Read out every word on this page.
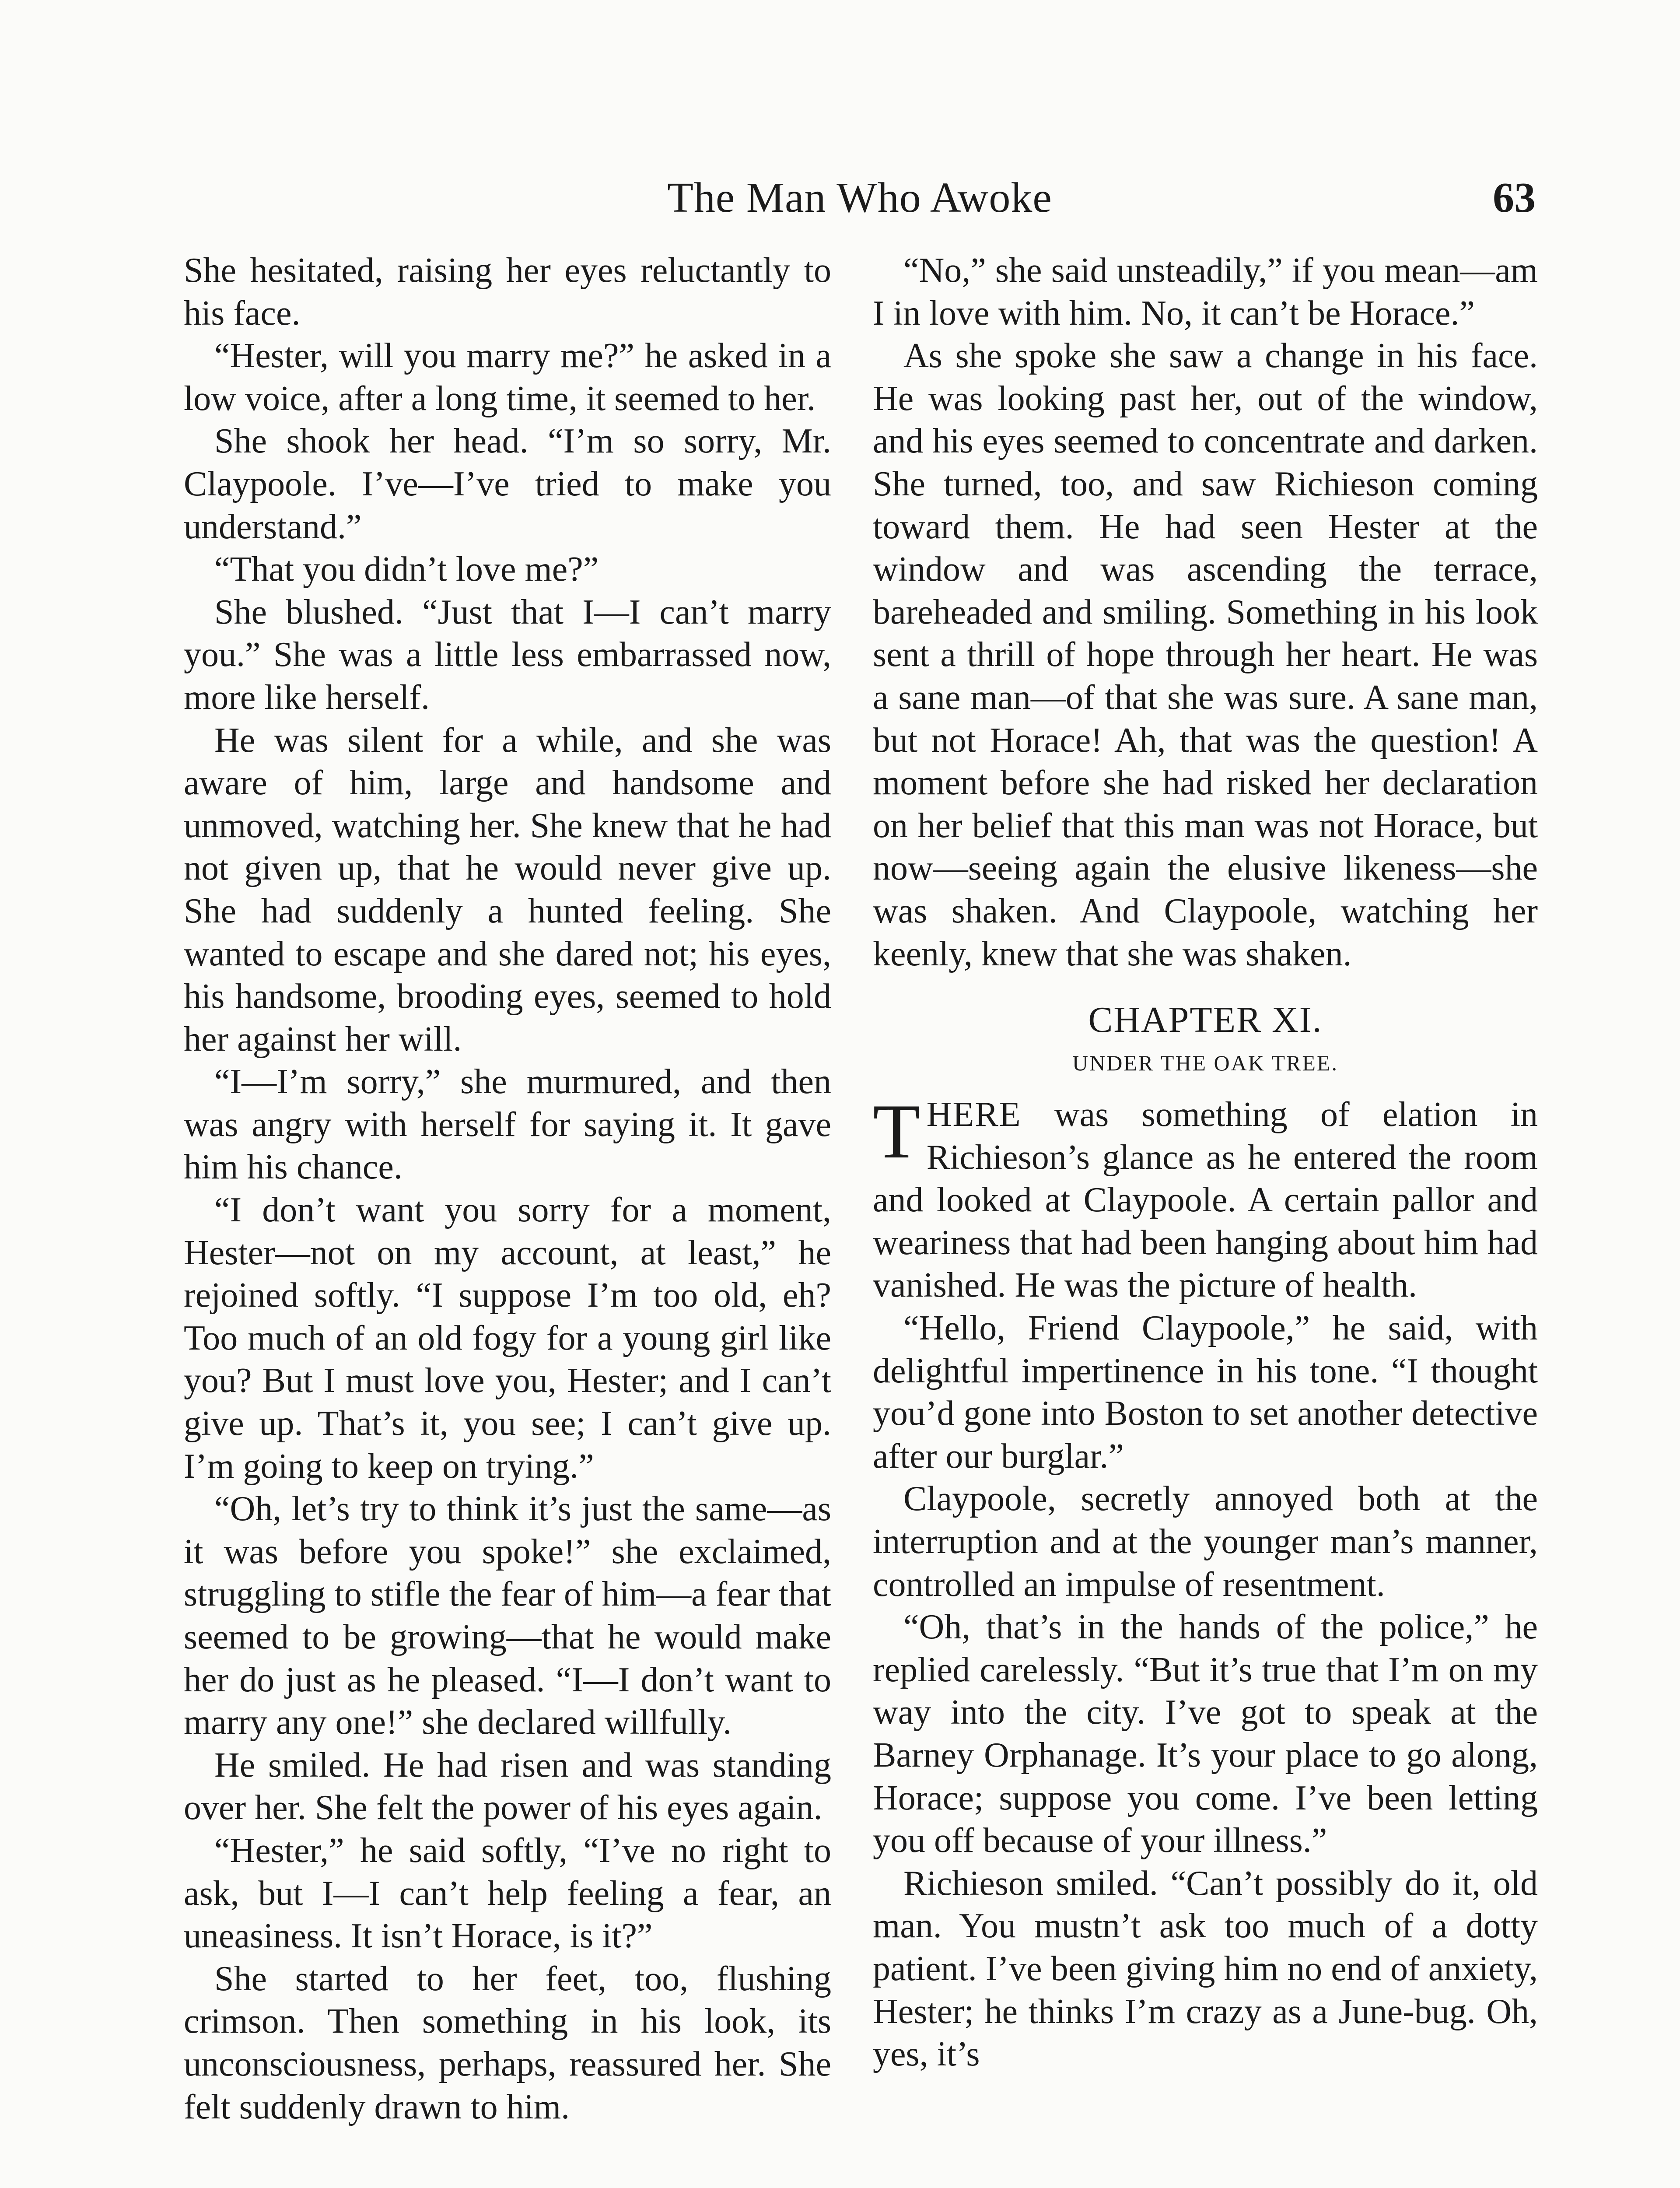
The Man Who Awoke	63

She hesitated, raising her eyes reluctantly to his face.

“Hester, will you marry me?” he asked in a low voice, after a long time, it seemed to her.

She shook her head. “I’m so sorry, Mr. Claypoole. I’ve—I’ve tried to make you understand.”

“That you didn’t love me?”

She blushed. “Just that I—I can’t marry you.” She was a little less embarrassed now, more like herself.

He was silent for a while, and she was aware of him, large and handsome and unmoved, watching her. She knew that he had not given up, that he would never give up. She had suddenly a hunted feeling. She wanted to escape and she dared not; his eyes, his handsome, brooding eyes, seemed to hold her against her will.

“I—I’m sorry,” she murmured, and then was angry with herself for saying it. It gave him his chance.

“I don’t want you sorry for a moment, Hester—not on my account, at least,” he rejoined softly. “I suppose I’m too old, eh? Too much of an old fogy for a young girl like you? But I must love you, Hester; and I can’t give up. That’s it, you see; I can’t give up. I’m going to keep on trying.”

“Oh, let’s try to think it’s just the same—as it was before you spoke!” she exclaimed, struggling to stifle the fear of him—a fear that seemed to be growing—that he would make her do just as he pleased. “I—I don’t want to marry any one!” she declared willfully.

He smiled. He had risen and was standing over her. She felt the power of his eyes again.

“Hester,” he said softly, “I’ve no right to ask, but I—I can’t help feeling a fear, an uneasiness. It isn’t Horace, is it?”

She started to her feet, too, flushing crimson. Then something in his look, its unconsciousness, perhaps, reassured her. She felt suddenly drawn to him.

“No,” she said unsteadily,” if you mean—am I in love with him. No, it can’t be Horace.”

As she spoke she saw a change in his face. He was looking past her, out of the window, and his eyes seemed to concentrate and darken. She turned, too, and saw Richieson coming toward them. He had seen Hester at the window and was ascending the terrace, bareheaded and smiling. Something in his look sent a thrill of hope through her heart. He was a sane man—of that she was sure. A sane man, but not Horace! Ah, that was the question! A moment before she had risked her declaration on her belief that this man was not Horace, but now—seeing again the elusive likeness—she was shaken. And Claypoole, watching her keenly, knew that she was shaken.

CHAPTER XI.
UNDER THE OAK TREE.

THERE was something of elation in Richieson’s glance as he entered the room and looked at Claypoole. A certain pallor and weariness that had been hanging about him had vanished. He was the picture of health.

“Hello, Friend Claypoole,” he said, with delightful impertinence in his tone. “I thought you’d gone into Boston to set another detective after our burglar.”

Claypoole, secretly annoyed both at the interruption and at the younger man’s manner, controlled an impulse of resentment.

“Oh, that’s in the hands of the police,” he replied carelessly. “But it’s true that I’m on my way into the city. I’ve got to speak at the Barney Orphanage. It’s your place to go along, Horace; suppose you come. I’ve been letting you off because of your illness.”

Richieson smiled. “Can’t possibly do it, old man. You mustn’t ask too much of a dotty patient. I’ve been giving him no end of anxiety, Hester; he thinks I’m crazy as a June-bug. Oh, yes, it’s
